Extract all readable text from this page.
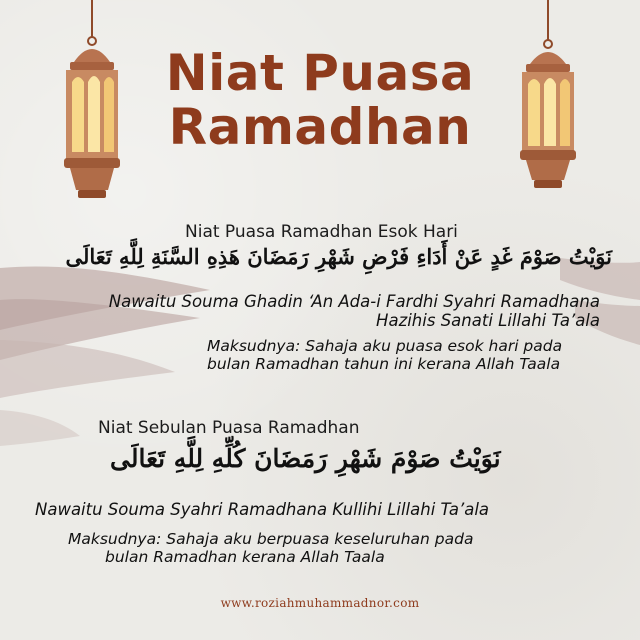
Niat Puasa
Ramadhan
Niat Puasa Ramadhan Esok Hari
نَوَيْتُ صَوْمَ غَدٍ عَنْ أَدَاءِ فَرْضِ شَهْرِ رَمَضَانَ هَذِهِ السَّنَةِ لِلَّهِ تَعَالَى
Nawaitu Souma Ghadin ‘An Ada-i Fardhi Syahri Ramadhana
Hazihis Sanati Lillahi Ta’ala
Maksudnya: Sahaja aku puasa esok hari pada
bulan Ramadhan tahun ini kerana Allah Taala
Niat Sebulan Puasa Ramadhan
نَوَيْتُ صَوْمَ شَهْرِ رَمَضَانَ كُلِّهِ لِلَّهِ تَعَالَى
Nawaitu Souma Syahri Ramadhana Kullihi Lillahi Ta’ala
Maksudnya: Sahaja aku berpuasa keseluruhan pada
bulan Ramadhan kerana Allah Taala
www.roziahmuhammadnor.com
